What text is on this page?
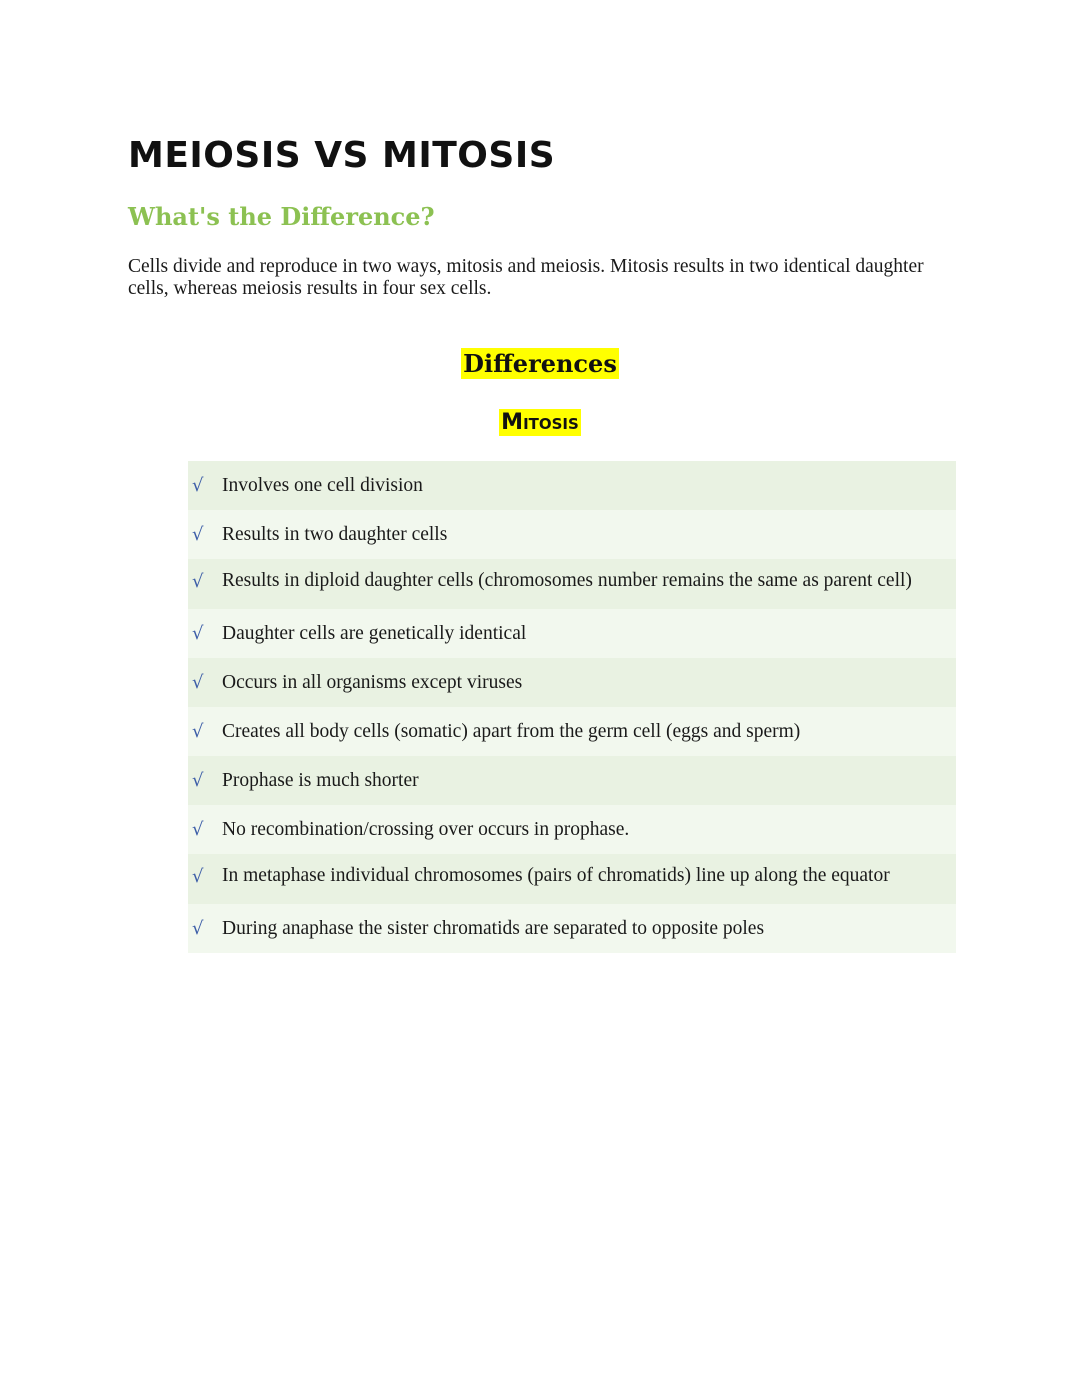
MEIOSIS VS MITOSIS
What's the Difference?

Cells divide and reproduce in two ways, mitosis and meiosis. Mitosis results in two identical daughter cells, whereas meiosis results in four sex cells.

Differences
Mitosis
√ Involves one cell division
√ Results in two daughter cells
√ Results in diploid daughter cells (chromosomes number remains the same as parent cell)
√ Daughter cells are genetically identical
√ Occurs in all organisms except viruses
√ Creates all body cells (somatic) apart from the germ cell (eggs and sperm)
√ Prophase is much shorter
√ No recombination/crossing over occurs in prophase.
√ In metaphase individual chromosomes (pairs of chromatids) line up along the equator
√ During anaphase the sister chromatids are separated to opposite poles
